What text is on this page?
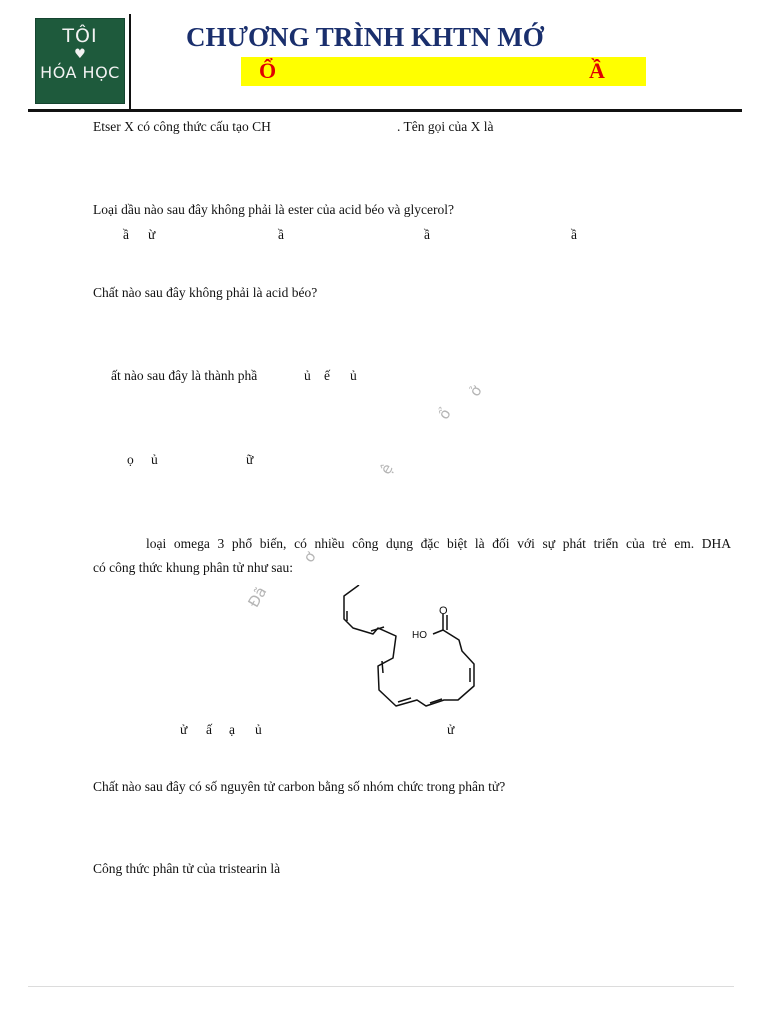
TÔI
♥
HÓA HỌC
CHƯƠNG TRÌNH KHTN MỚ
Ổ	Ầ
Etser X có công thức cấu tạo CH	. Tên gọi của X là
Loại dầu nào sau đây không phải là ester của acid béo và glycerol?
ầ ừ	ầ	ầ	ầ
Chất nào sau đây không phải là acid béo?
ất nào sau đây là thành phầ	ủ ế ủ
ọ ủ	ữ
loại omega 3 phổ biến, có nhiều công dụng đặc biệt là đối với sự phát triển của trẻ em. DHA
có công thức khung phân tử như sau:
O
HO
ử ấ ạ ủ	ử
Chất nào sau đây có số nguyên tử carbon bằng số nhóm chức trong phân tử?
Công thức phân tử của tristearin là
Đã
ệ
ơ
ổ
ở
